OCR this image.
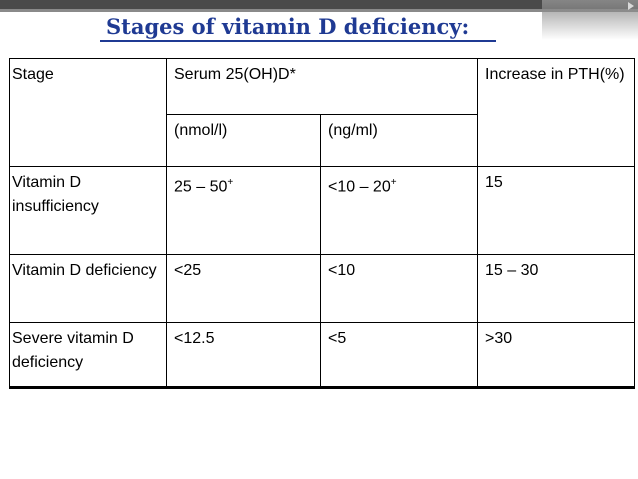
Stages of vitamin D deficiency:
Stage	Serum 25(OH)D*		Increase in PTH(%)
	(nmol/l)	(ng/ml)	
Vitamin D insufficiency	25 – 50+	<10 – 20+	15
Vitamin D deficiency	<25	<10	15 – 30
Severe vitamin D deficiency	<12.5	<5	>30
